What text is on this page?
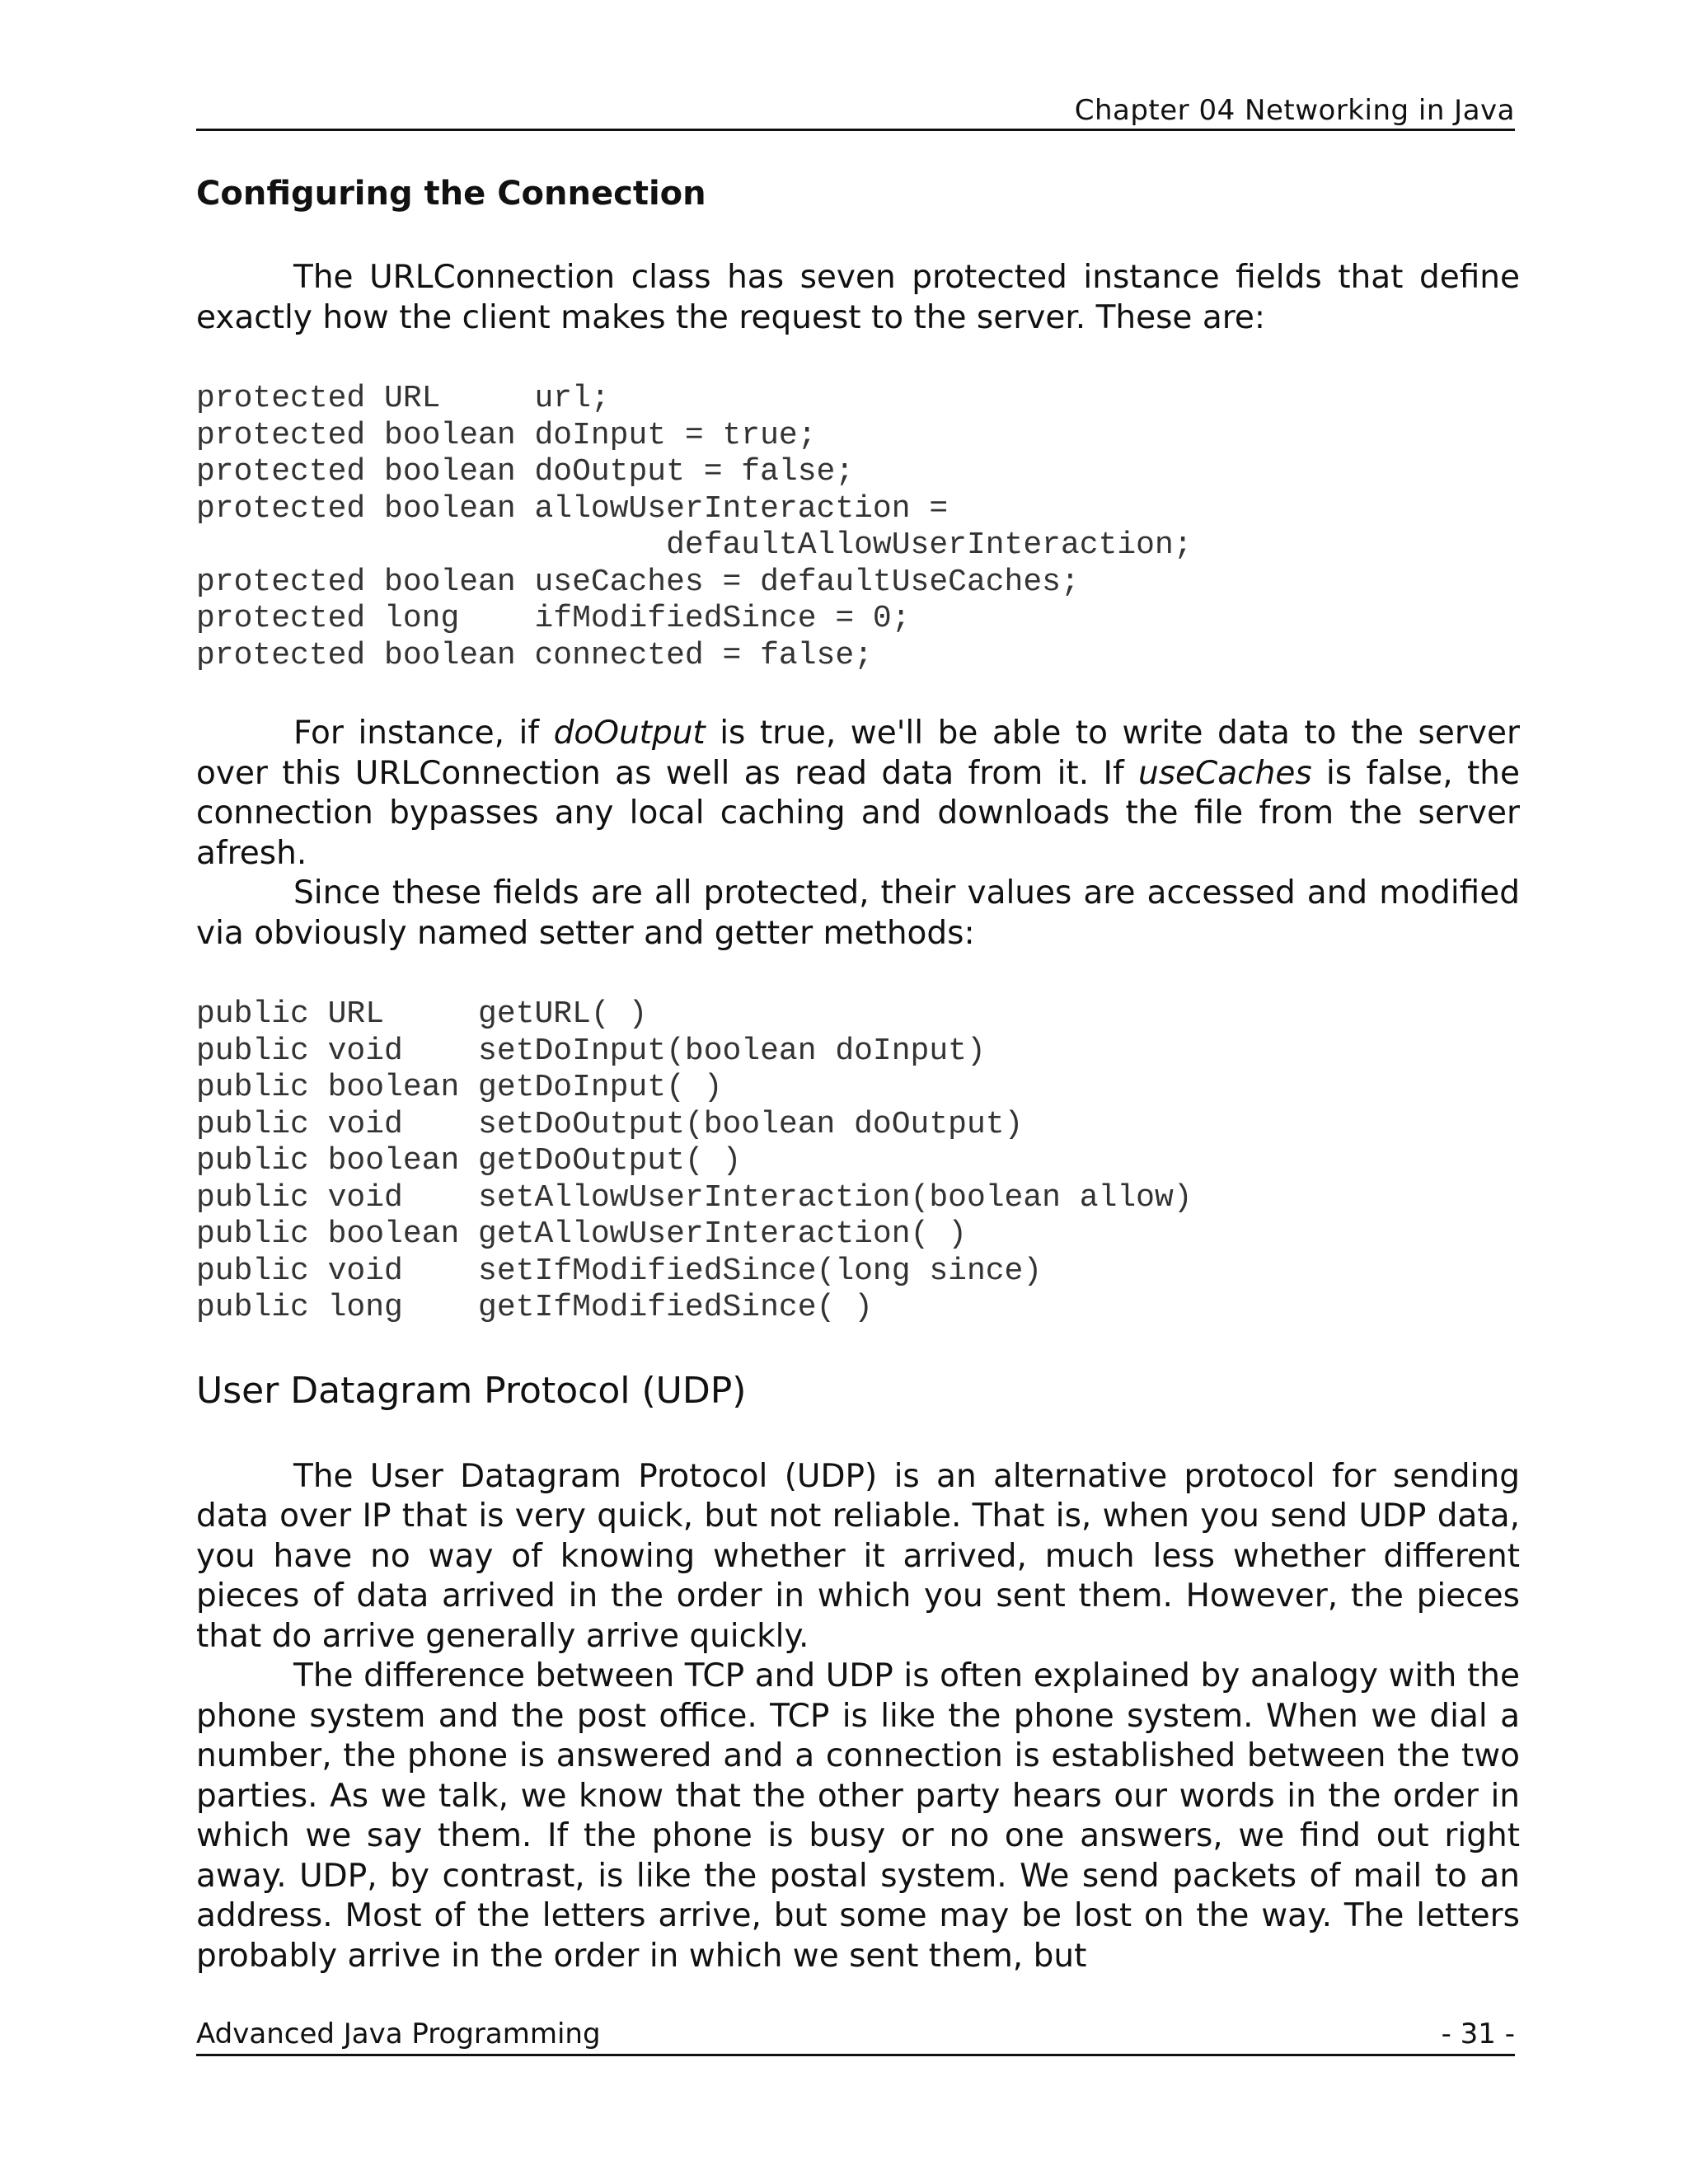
Chapter 04 Networking in Java
Configuring the Connection

The URLConnection class has seven protected instance fields that define exactly how the client makes the request to the server. These are:

protected URL     url;
protected boolean doInput = true;
protected boolean doOutput = false;
protected boolean allowUserInteraction =
defaultAllowUserInteraction;
protected boolean useCaches = defaultUseCaches;
protected long    ifModifiedSince = 0;
protected boolean connected = false;

For instance, if doOutput is true, we'll be able to write data to the server over this URLConnection as well as read data from it. If useCaches is false, the connection bypasses any local caching and downloads the file from the server afresh.

Since these fields are all protected, their values are accessed and modified via obviously named setter and getter methods:

public URL     getURL( )
public void    setDoInput(boolean doInput)
public boolean getDoInput( )
public void    setDoOutput(boolean doOutput)
public boolean getDoOutput( )
public void    setAllowUserInteraction(boolean allow)
public boolean getAllowUserInteraction( )
public void    setIfModifiedSince(long since)
public long    getIfModifiedSince( )
User Datagram Protocol (UDP)

The User Datagram Protocol (UDP) is an alternative protocol for sending data over IP that is very quick, but not reliable. That is, when you send UDP data, you have no way of knowing whether it arrived, much less whether different pieces of data arrived in the order in which you sent them. However, the pieces that do arrive generally arrive quickly.

The difference between TCP and UDP is often explained by analogy with the phone system and the post office. TCP is like the phone system. When we dial a number, the phone is answered and a connection is established between the two parties. As we talk, we know that the other party hears our words in the order in which we say them. If the phone is busy or no one answers, we find out right away. UDP, by contrast, is like the postal system. We send packets of mail to an address. Most of the letters arrive, but some may be lost on the way. The letters probably arrive in the order in which we sent them, but

Advanced Java Programming	- 31 -
